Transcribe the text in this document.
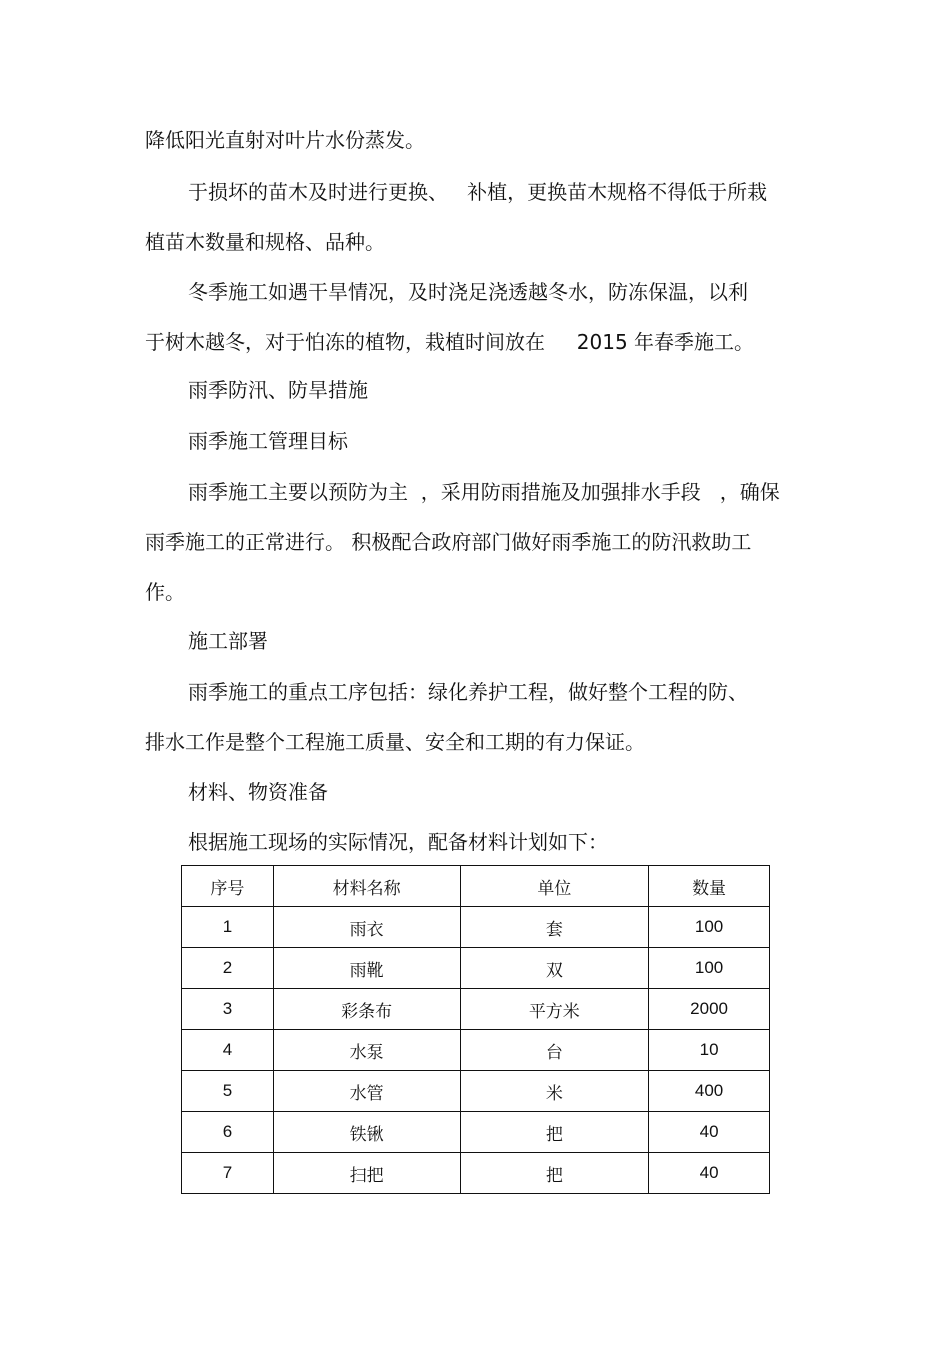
降低阳光直射对叶片水份蒸发。
于损坏的苗木及时进行更换、   补植，更换苗木规格不得低于所栽
植苗木数量和规格、品种。
冬季施工如遇干旱情况，及时浇足浇透越冬水，防冻保温，以利
于树木越冬，对于怕冻的植物，栽植时间放在     2015 年春季施工。
雨季防汛、防旱措施
雨季施工管理目标
雨季施工主要以预防为主  ，采用防雨措施及加强排水手段   ，确保
雨季施工的正常进行。 积极配合政府部门做好雨季施工的防汛救助工
作。
施工部署
雨季施工的重点工序包括：绿化养护工程，做好整个工程的防、
排水工作是整个工程施工质量、安全和工期的有力保证。
材料、物资准备
根据施工现场的实际情况，配备材料计划如下：
序号	材料名称	单位	数量
1	雨衣	套	100
2	雨靴	双	100
3	彩条布	平方米	2000
4	水泵	台	10
5	水管	米	400
6	铁锹	把	40
7	扫把	把	40
